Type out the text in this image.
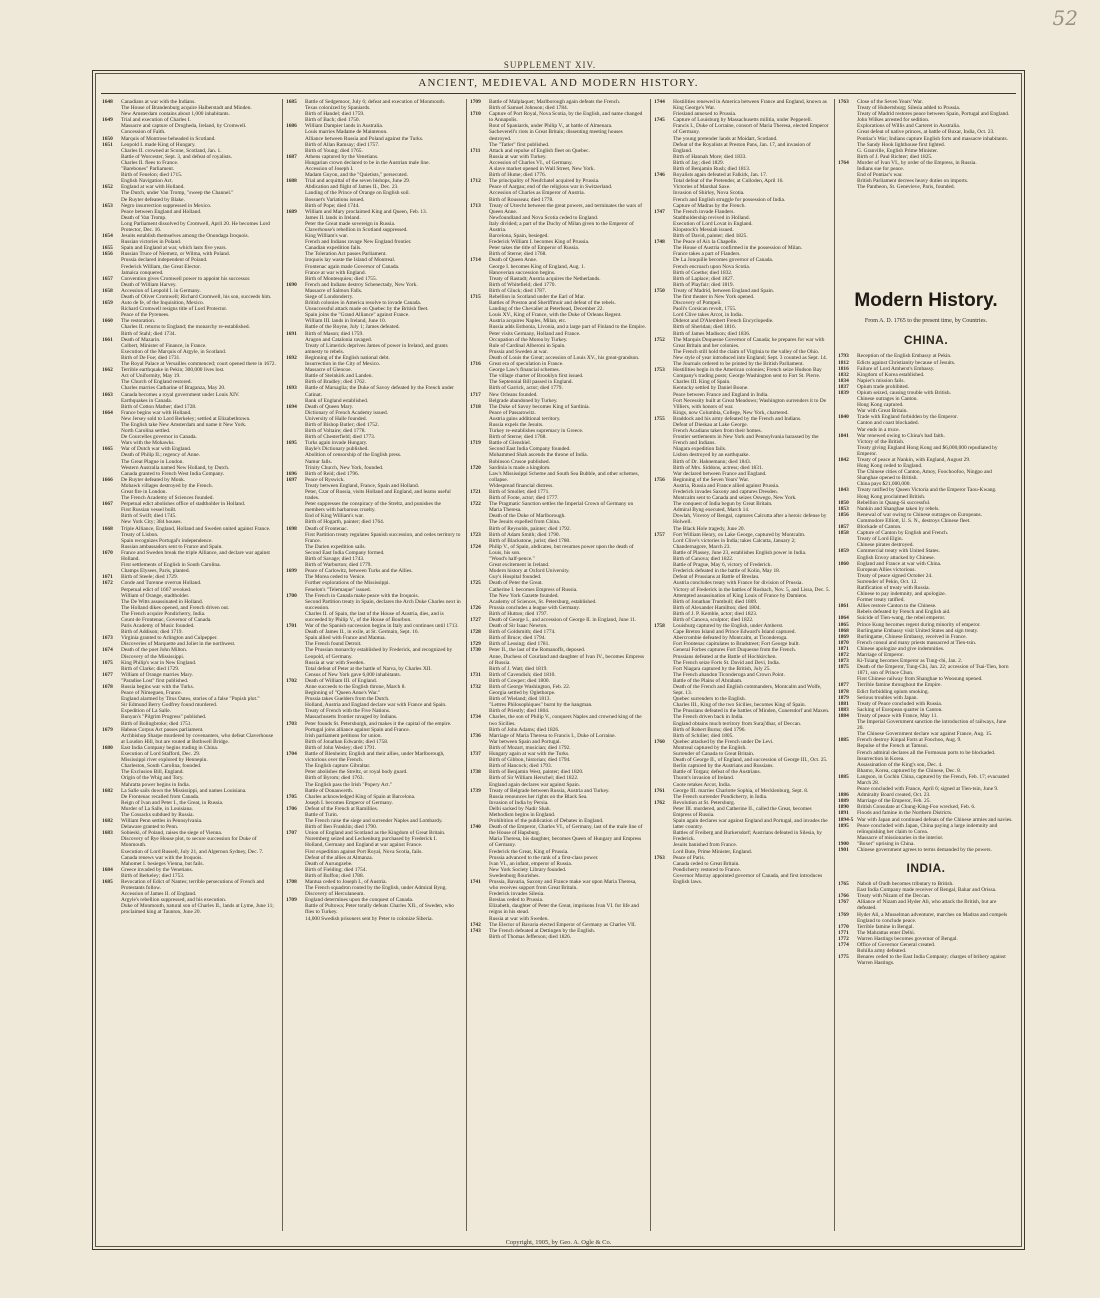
52
SUPPLEMENT XIV.
ANCIENT, MEDIEVAL AND MODERN HISTORY.
1648	Canadians at war with the Indians.
The House of Brandenburg acquire Halberstadt and Minden.
New Amsterdam contains about 1,000 inhabitants.
1649	Trial and execution of Charles I.
Massacre and capture of Drogheda, Ireland, by Cromwell.
Concession of Faith.
1650	Marquis of Montrose beheaded in Scotland.
1651	Leopold I. made King of Hungary.
Charles II. crowned at Scone, Scotland, Jan. 1.
Battle of Worcester, Sept. 3, and defeat of royalists.
Charles II. flees to France.
"Barebones" Parliament.
Birth of Fenelon; died 1715.
English Navigation Act.
1652	England at war with Holland.
The Dutch, under Van Tromp, "sweep the Channel."
De Ruyter defeated by Blake.
1653	Negro insurrection suppressed in Mexico.
Peace between England and Holland.
Death of Van Tromp.
Long Parliament dissolved by Cromwell, April 20. He becomes Lord Protector, Dec. 16.
1654	Jesuits establish themselves among the Onondaga Iroquois.
Russian victories in Poland.
1655	Spain and England at war, which lasts five years.
1656	Russian Truce of Niemetz, or Wilma, with Poland.
Prussia declared independent of Poland.
Frederick William, the Great Elector.
Jamaica conquered.
1657	Convention gives Cromwell power to appoint his successor.
Death of William Harvey.
1658	Accession of Leopold I. in Germany.
Death of Oliver Cromwell; Richard Cromwell, his son, succeeds him.
1659	Auto de fe, of the Inquisition, Mexico.
Richard Cromwell resigns title of Lord Protector.
Peace of the Pyrenees.
1660	The restoration.
Charles II. returns to England; the monarchy re-established.
Birth of Stahl; died 1734.
1661	Death of Mazarin.
Colbert, Minister of Finance, in France.
Execution of the Marquis of Argyle, in Scotland.
Birth of De Foe; died 1731.
The Royal Palace at Versailles commenced; court opened there in 1672.
1662	Terrible earthquake in Pekin; 300,000 lives lost.
Act of Uniformity, May 19.
The Church of England restored.
Charles marries Catharine of Braganza, May 20.
1663	Canada becomes a royal government under Louis XIV.
Earthquakes in Canada.
Birth of Cotton Mather; died 1728.
1664	France begins war with Holland.
New Jersey sold to Lord Berkeley; settled at Elizabethtown.
The English take New Amsterdam and name it New York.
North Carolina settled.
De Courcelles governor in Canada.
Wars with the Mohawks.
1665	War of Dutch war with England.
Death of Philip II.; regency of Anne.
The Great Plague in London.
Western Australia named New Holland, by Dutch.
Canada granted to French West India Company.
1666	De Ruyter defeated by Monk.
Mohawk villages destroyed by the French.
Great fire in London.
The French Academy of Sciences founded.
1667	Perpetual edict abolishes office of stadtholder in Holland.
First Russian vessel built.
Birth of Swift; died 1745.
New York City; 384 houses.
1668	Triple Alliance, England, Holland and Sweden united against France.
Treaty of Lisbon.
Spain recognizes Portugal's independence.
Russian ambassadors sent to France and Spain.
1670	France and Sweden break the triple Alliance, and declare war against Holland.
First settlements of English in South Carolina.
Champs Elysees, Paris, planted.
1671	Birth of Steele; died 1729.
1672	Conde and Turenne overrun Holland.
Perpetual edict of 1667 revoked.
William of Orange, stadtholder.
The De Witts assassinated in Holland.
The Holland dikes opened, and French driven out.
The French acquire Pondicherry, India.
Count de Frontenac, Governor of Canada.
Paris Academy of Music founded.
Birth of Addison; died 1719.
1673	Virginia granted to Arlington and Culpepper.
Discoveries of Marquette and Joliet in the northwest.
1674	Death of the poet John Milton.
Discovery of the Mississippi.
1675	King Philip's war in New England.
Birth of Clarke; died 1729.
1677	William of Orange marries Mary.
"Paradise Lost" first published.
1678	Russia begins war with the Turks.
Peace of Nimeguen, France.
England alarmed by Titus Oates, stories of a false "Popish plot."
Sir Edmund Berry Godfrey found murdered.
Expedition of La Salle.
Bunyan's "Pilgrim Progress" published.
Birth of Bolingbroke; died 1751.
1679	Habeas Corpus Act passes parliament.
Archbishop Sharpe murdered by covenanters, who defeat Claverhouse at Loudon Hill, but are routed at Bothwell Bridge.
1680	East India Company begins trading in China.
Execution of Lord Stafford, Dec. 29.
Mississippi river explored by Hennepin.
Charleston, South Carolina, founded.
The Exclusion Bill, England.
Origin of the Whig and Tory.
Mahratta power begins in India.
1682	La Salle sails down the Mississippi, and names Louisiana.
De Frontenac recalled from Canada.
Reign of Ivan and Peter I., the Great, in Russia.
Murder of La Salle, in Louisiana.
The Cossacks subdued by Russia.
1682	William Penn settles in Pennsylvania.
Delaware granted to Penn.
1683	Sobieski, of Poland, raises the siege of Vienna.
Discovery of Rye House plot, to secure succession for Duke of Monmouth.
Execution of Lord Russell, July 21, and Algernon Sydney, Dec. 7.
Canada renews war with the Iroquois.
Mahomet I. besieges Vienna, but fails.
1684	Greece invaded by the Venetians.
Birth of Berkeley; died 1753.
1685	Revocation of Edict of Nantes; terrible persecutions of French and Protestants follow.
Accession of James II. of England.
Argyle's rebellion suppressed, and his execution.
Duke of Monmouth, natural son of Charles II., lands at Lyme, June 11; proclaimed king at Taunton, June 20.
1685	Battle of Sedgemoor, July 6; defeat and execution of Monmouth.
Texas colonized by Spaniards.
Birth of Handel; died 1759.
Birth of Bach; died 1750.
1686	William Dampier lands in Australia.
Louis marries Madame de Maintenon.
Alliance between Russia and Poland against the Turks.
Birth of Allan Ramsay; died 1757.
Birth of Young; died 1765.
1687	Athens captured by the Venetians.
Hungarian crown declared to be in the Austrian male line.
Accession of Joseph I.
Madam Guyon, and the "Quietists," persecuted.
1688	Trial and acquittal of the seven bishops, June 29.
Abdication and flight of James II., Dec. 23.
Landing of the Prince of Orange on English soil.
Bossuet's Variations issued.
Birth of Pope; died 1744.
1689	William and Mary proclaimed King and Queen, Feb. 13.
James II. lands in Ireland.
Peter the Great made sovereign in Russia.
Claverhouse's rebellion in Scotland suppressed.
King William's war.
French and Indians ravage New England frontier.
Canadian expedition fails.
The Toleration Act passes Parliament.
Iroquois lay waste the Island of Montreal.
Frontenac again made Governor of Canada.
France at war with England.
Birth of Montesquieu; died 1755.
1690	French and Indians destroy Schenectady, New York.
Massacre of Salmon Falls.
Siege of Londonderry.
British colonies in America resolve to invade Canada.
Unsuccessful attack made on Quebec by the British fleet.
Spain joins the "Grand Alliance" against France.
William III. lands in Ireland, June 10.
Battle of the Boyne, July 1; James defeated.
1691	Birth of Mason; died 1759.
Aragon and Catalonia ravaged.
Treaty of Limerick deprives James of power in Ireland, and grants amnesty to rebels.
1692	Beginning of the English national debt.
Insurrection in the City of Mexico.
Massacre of Glencoe.
Battle of Steinkirk and Landen.
Birth of Bradley; died 1762.
1693	Battle of Marsaglia; the Duke of Savoy defeated by the French under Catinat.
Bank of England established.
1694	Death of Queen Mary.
Dictionary of French Academy issued.
University of Halle founded.
Birth of Bishop Butler; died 1752.
Birth of Voltaire; died 1778.
Birth of Chesterfield; died 1773.
1695	Turks again invade Hungary.
Bayle's Dictionary published.
Abolition of censorship of the English press.
Namur falls.
Trinity Church, New York, founded.
1696	Birth of Reid; died 1796.
1697	Peace of Ryswick.
Treaty between England, France, Spain and Holland.
Peter, Czar of Russia, visits Holland and England, and learns useful trades.
Peter suppresses the conspiracy of the Streltz, and punishes the members with barbarous cruelty.
End of King William's war.
Birth of Hogarth, painter; died 1764.
1698	Death of Frontenac.
First Partition treaty regulates Spanish succession, and cedes territory to France.
The Darien expedition sails.
Second East India Company formed.
Birth of Savage; died 1743.
Birth of Warburton; died 1779.
1699	Peace of Carlowitz, between Turks and the Allies.
The Morea ceded to Venice.
Further explorations of the Mississippi.
Fenelon's "Telemaque" issued.
1700	The French in Canada make peace with the Iroquois.
Second Partition treaty in Spain, declares the Arch Duke Charles next in succession.
Charles II. of Spain, the last of the House of Austria, dies, and is succeeded by Philip V., of the House of Bourbon.
1701	War of the Spanish succession begins in Italy and continues until 1713.
Death of James II., in exile, at St. Germain, Sept. 16.
Spain allied with France and Mantua.
The French found Detroit.
The Prussian monarchy established by Frederick, and recognized by Leopold, of Germany.
Russia at war with Sweden.
Total defeat of Peter at the battle of Narva, by Charles XII.
Census of New York gave 6,000 inhabitants.
1702	Death of William III. of England.
Anne succeeds to the English throne, March 8.
Beginning of "Queen Anne's War."
Prussia takes Guelders from the Dutch.
Holland, Austria and England declare war with France and Spain.
Treaty of French with the Five Nations.
Massachusetts frontier ravaged by Indians.
1703	Peter founds St. Petersburgh, and makes it the capital of the empire.
Portugal joins alliance against Spain and France.
Irish parliament petitions for union.
Birth of Jonathan Edwards; died 1758.
Birth of John Wesley; died 1791.
1704	Battle of Blenheim; English and their allies, under Marlborough, victorious over the French.
The English capture Gibraltar.
Peter abolishes the Streltz, or royal body guard.
Birth of Byrom; died 1763.
The English pass the Irish "Popery Act."
Battle of Donauwerth.
1705	Charles acknowledged King of Spain at Barcelona.
Joseph I. becomes Emperor of Germany.
1706	Defeat of the French at Ramillies.
Battle of Turin.
The French raise the siege and surrender Naples and Lombardy.
Birth of Ben Franklin; died 1790.
1707	Union of England and Scotland as the Kingdom of Great Britain.
Nuremberg seized and Leckenburg purchased by Frederick I.
Holland, Germany and England at war against France.
First expedition against Port Royal, Nova Scotia, fails.
Defeat of the allies at Almanza.
Death of Aurungzebe.
Birth of Fielding; died 1754.
Birth of Buffon; died 1788.
1708	Mantua ceded to Joseph I., of Austria.
The French squadron routed by the English, under Admiral Byng.
Discovery of Herculaneum.
1709	England determines upon the conquest of Canada.
Battle of Pultowa; Peter totally defeats Charles XII., of Sweden, who flies to Turkey.
14,000 Swedish prisoners sent by Peter to colonize Siberia.
1709	Battle of Malplaquet; Marlborough again defeats the French.
Birth of Samuel Johnson; died 1784.
1710	Capture of Port Royal, Nova Scotia, by the English, and name changed to Annapolis.
Rout of Spaniards, under Philip V., at battle of Almenara.
Sacheverell's riots in Great Britain; dissenting meeting houses destroyed.
The "Tatler" first published.
1711	Attack and repulse of English fleet on Quebec.
Russia at war with Turkey.
Accession of Charles VI., of Germany.
A slave market opened in Wall Street, New York.
Birth of Hume; died 1776.
1712	The principality of Neufchatel acquired by Prussia.
Peace of Aargau; end of the religious war in Switzerland.
Accession of Charles as Emperor of Austria.
Birth of Rousseau; died 1778.
1713	Treaty of Utrecht between the great powers, and terminates the wars of Queen Anne.
Newfoundland and Nova Scotia ceded to England.
Italy divided; a part of the Duchy of Milan given to the Emperor of Austria.
Barcelona, Spain, besieged.
Frederick William I. becomes King of Prussia.
Peter takes the title of Emperor of Russia.
Birth of Sterne; died 1768.
1714	Death of Queen Anne.
George I. becomes King of England, Aug. 1.
Hanoverian succession begins.
Treaty of Rastadt; Austria acquires the Netherlands.
Birth of Whitefield; died 1770.
Birth of Gluck; died 1787.
1715	Rebellion in Scotland under the Earl of Mar.
Battles of Preston and Sheriffmuir and defeat of the rebels.
Landing of the Chevalier at Peterhead, December 22.
Louis XV., King of France, with the Duke of Orleans Regent.
Austria acquires Naples, Milan, etc.
Russia adds Esthonia, Livonia, and a large part of Finland to the Empire.
Peter visits Germany, Holland and France.
Occupation of the Morea by Turkey.
Rule of Cardinal Alberoni in Spain.
Prussia and Sweden at war.
Death of Louis the Great; accession of Louis XV., his great-grandson.
1716	Great era of speculation in France.
George Law's financial schemes.
The village charter of Brooklyn first issued.
The Septennial Bill passed in England.
Birth of Garrick, actor; died 1779.
1717	New Orleans founded.
Belgrade abandoned by Turkey.
1718	The Duke of Savoy becomes King of Sardinia.
Peace of Passarowitz.
Austria gains additional territory.
Russia expels the Jesuits.
Turkey re-establishes supremacy in Greece.
Birth of Sterne; died 1768.
1719	Battle of Glenshiel.
Second East India Company founded.
Mohammed Shah ascends the throne of India.
Robinson Crusoe published.
1720	Sardinia is made a kingdom.
Law's Mississippi Scheme and South Sea Bubble, and other schemes, collapse.
Widespread financial distress.
1721	Birth of Smollet; died 1771.
Birth of Foote, actor; died 1777.
1722	The Pragmatic Sanction settles the Imperial Crown of Germany on Maria Theresa.
Death of the Duke of Marlborough.
The Jesuits expelled from China.
Birth of Reynolds, painter; died 1792.
1723	Birth of Adam Smith; died 1790.
Birth of Blackstone, jurist; died 1780.
1724	Philip V., of Spain, abdicates, but resumes power upon the death of Louis, his son.
"Wood's half-pence."
Great excitement in Ireland.
Modern history at Oxford University.
Guy's Hospital founded.
1725	Death of Peter the Great.
Catherine I. becomes Empress of Russia.
The New York Gazette founded.
Academy of Sciences, St. Petersburg, established.
1726	Prussia concludes a league with Germany.
Birth of Hutton; died 1797.
1727	Death of George I., and accession of George II. in England, June 11.
Death of Sir Isaac Newton.
1728	Birth of Goldsmith; died 1774.
Birth of Bruce; died 1794.
1729	Birth of Lessing; died 1781.
1730	Peter II., the last of the Romanoffs, deposed.
Anne, Duchess of Courland and daughter of Ivan IV., becomes Empress of Russia.
Birth of J. Watt; died 1819.
1731	Birth of Cavendish; died 1810.
Birth of Cowper; died 1800.
1732	Birth of George Washington, Feb. 22.
Georgia settled by Oglethorpe.
Birth of Wieland; died 1813.
"Lettres Philosophiques" burnt by the hangman.
Birth of Priestly; died 1804.
1734	Charles, the son of Philip V., conquers Naples and crowned king of the two Sicilies.
Birth of John Adams; died 1826.
1736	Marriage of Maria Theresa to Francis I., Duke of Lorraine.
War between Spain and Portugal.
Birth of Mozart, musician; died 1792.
1737	Hungary again at war with the Turks.
Birth of Gibbon, historian; died 1794.
Birth of Hancock; died 1793.
1738	Birth of Benjamin West, painter; died 1820.
Birth of Sir William Herschel; died 1822.
England again declares war against Spain.
1739	Treaty of Belgrade between Russia, Austria and Turkey.
Russia renounces her rights on the Black Sea.
Invasion of India by Persia.
Delhi sacked by Nadir Shah.
Methodism begins in England.
Prohibition of the publication of Debates in England.
1740	Death of the Emperor, Charles VI., of Germany, last of the male line of the House of Hapsburg.
Maria Theresa, his daughter, becomes Queen of Hungary and Empress of Germany.
Frederick the Great, King of Prussia.
Prussia advanced to the rank of a first-class power.
Ivan VI., an infant, emperor of Russia.
New York Society Library founded.
Swedenborg flourishes.
1741	Prussia, Bavaria, Saxony and France make war upon Maria Theresa, who receives support from Great Britain.
Frederick invades Silesia.
Breslau ceded to Prussia.
Elizabeth, daughter of Peter the Great, imprisons Ivan VI. for life and reigns in his stead.
Russia at war with Sweden.
1742	The Elector of Bavaria elected Emperor of Germany as Charles VII.
1743	The French defeated at Dettingen by the English.
Birth of Thomas Jefferson; died 1826.
1744	Hostilities renewed in America between France and England, known as King George's War.
Friesland annexed to Prussia.
1745	Capture of Louisburg by Massachusetts militia, under Pepperell.
Francis I., Duke of Lorraine, consort of Maria Theresa, elected Emperor of Germany.
The young pretender lands at Moidart, Scotland.
Defeat of the Royalists at Preston Pans, Jan. 17, and invasion of England.
Birth of Hannah More; died 1833.
Birth of Jay; died 1829.
Birth of Benjamin Rush; died 1813.
1746	Royalists again defeated at Falkirk, Jan. 17.
Total defeat of the Pretender, at Culloden, April 16.
Victories of Marshal Saxe.
Invasion of Shirley, Nova Scotia.
French and English struggle for possession of India.
Capture of Madras by the French.
1747	The French invade Flanders.
Stadtholdership revived in Holland.
Execution of Lord Lovat in England.
Klopstock's Messiah issued.
Birth of David, painter; died 1825.
1748	The Peace of Aix la Chapelle.
The House of Austria confirmed in the possession of Milan.
France takes a part of Flanders.
De La Jonquille becomes governor of Canada.
French encroach upon Nova Scotia.
Birth of Goethe; died 1832.
Birth of Laplace; died 1827.
Birth of Playfair; died 1819.
1750	Treaty of Madrid, between England and Spain.
The first theater in New York opened.
Discovery of Pompeii.
Paoli's Corsican revolt, 1755.
Lord Clive takes Arcot, in India.
Diderot and D'Alembert French Encyclopedie.
Birth of Sheridan; died 1816.
Birth of James Madison; died 1836.
1752	The Marquis Duquesne Governor of Canada; he prepares for war with Great Britain and her colonies.
The French still hold the claim of Virginia to the valley of the Ohio.
New style of year introduced into England; Sept. 3 counted as Sept. 14.
The Journals ordered to be printed by the British Parliament.
1753	Hostilities begin in the American colonies; French seize Hudson Bay Company's trading posts; George Washington sent to Fort St. Pierre.
Charles III. King of Spain.
Kentucky settled by Daniel Boone.
Peace between France and England in India.
Fort Necessity built at Great Meadows; Washington surrenders it to De Villiers, with honors of war.
Kings, now Columbia, College, New York, chartered.
1755	Braddock and his army defeated by the French and Indians.
Defeat of Dieskau at Lake George.
French Acadians taken from their homes.
Frontier settlements in New York and Pennsylvania harassed by the French and Indians.
Niagara expedition fails.
Lisbon destroyed by an earthquake.
Birth of Dr. Hahnemann; died 1843.
Birth of Mrs. Siddons, actress; died 1831.
War declared between France and England.
1756	Beginning of the Seven Years' War.
Austria, Russia and France allied against Prussia.
Frederick invades Saxony and captures Dresden.
Montcalm sent to Canada and seizes Oswego, New York.
The conquest of India begun by Great Britain.
Admiral Byng executed, March 14.
Dowlah, Viceroy of Bengal, captures Calcutta after a heroic defense by Holwell.
The Black Hole tragedy, June 20.
1757	Fort William Henry, on Lake George, captured by Montcalm.
Lord Clive's victories in India; takes Calcutta, January 2; Chandernagore, March 23.
Battle of Plassey, June 23, establishes English power in India.
Birth of Canova; died 1822.
Battle of Prague, May 6, victory of Frederick.
Frederick defeated in the battle of Kolin, May 18.
Defeat of Prussians at Battle of Breslau.
Austria concludes treaty with France for division of Prussia.
Victory of Frederick in the battles of Rosbach, Nov. 5, and Lissa, Dec. 5.
Attempted assassination of King Louis of France by Damiens.
Birth of Jonathan Trumbull; died 1809.
Birth of Alexander Hamilton; died 1804.
Birth of J. P. Kemble, actor; died 1823.
Birth of Canova, sculptor; died 1822.
1758	Louisburg captured by the English, under Amherst.
Cape Breton Island and Prince Edward's Island captured.
Abercrombie defeated by Montcalm, at Ticonderoga.
Fort Frontenac capitulates to Bradstreet; Fort George built.
General Forbes captures Fort Duquesne from the French.
Prussians defeated at the Battle of Hochkirchen.
The French seize Forts St. David and Devi, India.
Fort Niagara captured by the British, July 25.
The French abandon Ticonderoga and Crown Point.
Battle of the Plains of Abraham.
Death of the French and English commanders, Montcalm and Wolfe, Sept. 13.
Quebec surrenders to the English.
Charles III., King of the two Sicilies, becomes King of Spain.
The Prussians defeated in the battles of Minden, Cunersdorf and Maxen.
The French driven back in India.
England obtains much territory from Suraj'dhar, of Deccan.
Birth of Robert Burns; died 1796.
Birth of Schiller; died 1805.
1760	Quebec attacked by the French under De Levi.
Montreal captured by the English.
Surrender of Canada to Great Britain.
Death of George II., of England, and succession of George III., Oct. 25.
Berlin captured by the Austrians and Russians.
Battle of Torgau; defeat of the Austrians.
Thurot's invasion of Ireland.
Coote retakes Arcot, India.
1761	George III. marries Charlotte Sophia, of Mecklenburg, Sept. 8.
The French surrender Pondicherry, in India.
1762	Revolution at St. Petersburg.
Peter III. murdered, and Catherine II., called the Great, becomes Empress of Russia.
Spain again declares war against England and Portugal, and invades the latter country.
Battles of Freiberg and Burkersdorf; Austrians defeated in Silesia, by Frederick.
Jesuits banished from France.
Lord Bute, Prime Minister, England.
1763	Peace of Paris.
Canada ceded to Great Britain.
Pondicherry restored to France.
Governor Murray appointed governor of Canada, and first introduces English laws.
1763	Close of the Seven Years' War.
Treaty of Hubertsburg; Silesia added to Prussia.
Treaty of Madrid restores peace between Spain, Portugal and England.
John Wilkes arrested for sedition.
Explorations of Willis and Carteret in Australia.
Great defeat of native princes, at battle of Buxar, India, Oct. 23.
Pontiac's War; Indians capture English forts and massacre inhabitants.
The Sandy Hook lighthouse first lighted.
G. Granville, English Prime Minister.
Birth of J. Paul Richter; died 1825.
1764	Murder of Ivan VI., by order of the Empress, in Russia.
Indians sue for peace.
End of Pontiac's war.
British Parliament decrees heavy duties on imports.
The Pantheon, St. Genevieve, Paris, founded.
Modern History.
From A. D. 1765 to the present time, by Countries.
CHINA.
1793	Reception of the English Embassy at Pekin.
1812	Edicts against Christianity because of Jesuits.
1816	Failure of Lord Amherst's Embassy.
1832	Kingdom of Korea established.
1834	Napier's mission fails.
1837	Opium trade prohibited.
1839	Opium seized, causing trouble with British.
Chinese outrages in Canton.
Hong Kong captured.
War with Great Britain.
1840	Trade with England forbidden by the Emperor.
Canton and coast blockaded.
War ends in a truce.
1841	War renewed owing to China's bad faith.
Victory of the British.
Treaty giving England Hong Kong and $6,000,000 repudiated by Emperor.
1842	Treaty of peace at Nankin, with England, August 29.
Hong Kong ceded to England.
The Chinese cities of Canton, Amoy, Foochoofoo, Ningpo and Shanghae opened to British.
China pays $21,000,000.
1843	Treaty ratified by Queen Victoria and the Emperor Taou-Kwang.
Hong Kong proclaimed British.
1850	Rebellion in Quang-Si successful.
1853	Nankin and Shanghae taken by rebels.
1856	Renewal of war owing to Chinese outrages on Europeans.
Commodore Elliott, U. S. N., destroys Chinese fleet.
1857	Blockade of Canton.
1858	Capture of Canton by English and French.
Treaty of Lord Elgin.
Chinese pirates destroyed.
1859	Commercial treaty with United States.
English Envoy attacked by Chinese.
1860	England and France at war with China.
European Allies victorious.
Treaty of peace signed October 24.
Surrender of Pekin, Oct. 12.
Ratification of treaty with Russia.
Chinese to pay indemnity, and apologize.
Former treaty ratified.
1861	Allies restore Canton to the Chinese.
Rebels defeated by French and English aid.
1864	Suicide of Tien-wang, the rebel emperor.
1865	Prince Kung becomes regent during minority of emperor.
1868	Burlingame Embassy visit United States and sign treaty.
1869	Burlingame, Chinese Embassy, received in France.
1870	French consul and many priests massacred at Tien-tsin.
1871	Chinese apologize and give indemnities.
1872	Marriage of Emperor.
1873	Ki-Tsiang becomes Emperor as Tung-chi, Jan. 2.
1875	Death of the Emperor, Tung-Chi, Jan. 22; accession of Tsai-Tien, born 1871, son of Prince Chun.
First Chinese railway from Shanghae to Woosung opened.
1877	Terrible famine throughout the Empire.
1878	Edict forbidding opium smoking.
1879	Serious troubles with Japan.
1881	Treaty of Peace concluded with Russia.
1883	Sacking of European quarter in Canton.
1884	Treaty of peace with France, May 11.
The Imperial Government sanction the introduction of railways, June 20.
The Chinese Government declare war against France, Aug. 15.
1885	French destroy Kinpal Forts at Foochoo, Aug. 9.
Repulse of the French at Tamsui.
French admiral declares all the Formosan ports to be blockaded.
Insurrection in Korea.
Assassination of the King's son, Dec. 4.
Bhamo, Korea, captured by the Chinese, Dec. 8.
1885	Langson, in Cochin China, captured by the French, Feb. 17; evacuated March 28.
Peace concluded with France, April 6; signed at Tien-tsin, June 9.
1886	Admiralty Board created, Oct. 23.
1889	Marriage of the Emperor, Feb. 25.
1890	British Consulate at Chung-King-Foo wrecked, Feb. 6.
1891	Floods and famine in the Northern Districts.
1894-5 War with Japan and continued defeats of the Chinese armies and navies.
1895	Peace concluded with Japan, China paying a large indemnity and relinquishing her claim to Corea.
Massacre of missionaries in the interior.
1900	"Boxer" uprising in China.
1901	Chinese government agrees to terms demanded by the powers.
INDIA.
1765	Nabob of Oudh becomes tributary to British.
East India Company made receiver of Bengal, Bahar and Orissa.
1766	Treaty with Nizam of the Deccan.
1767	Alliance of Nizam and Hyder Ali, who attack the British, but are defeated.
1769	Hyder Ali, a Musselman adventurer, marches on Madras and compels England to conclude peace.
1770	Terrible famine in Bengal.
1771	The Mahrattas enter Delhi.
1772	Warren Hastings becomes governor of Bengal.
1774	Office of Governor General created.
Rohilla army defeated.
1775	Benares ceded to the East India Company; charges of bribery against Warren Hastings.
Copyright, 1905, by Geo. A. Ogle & Co.
